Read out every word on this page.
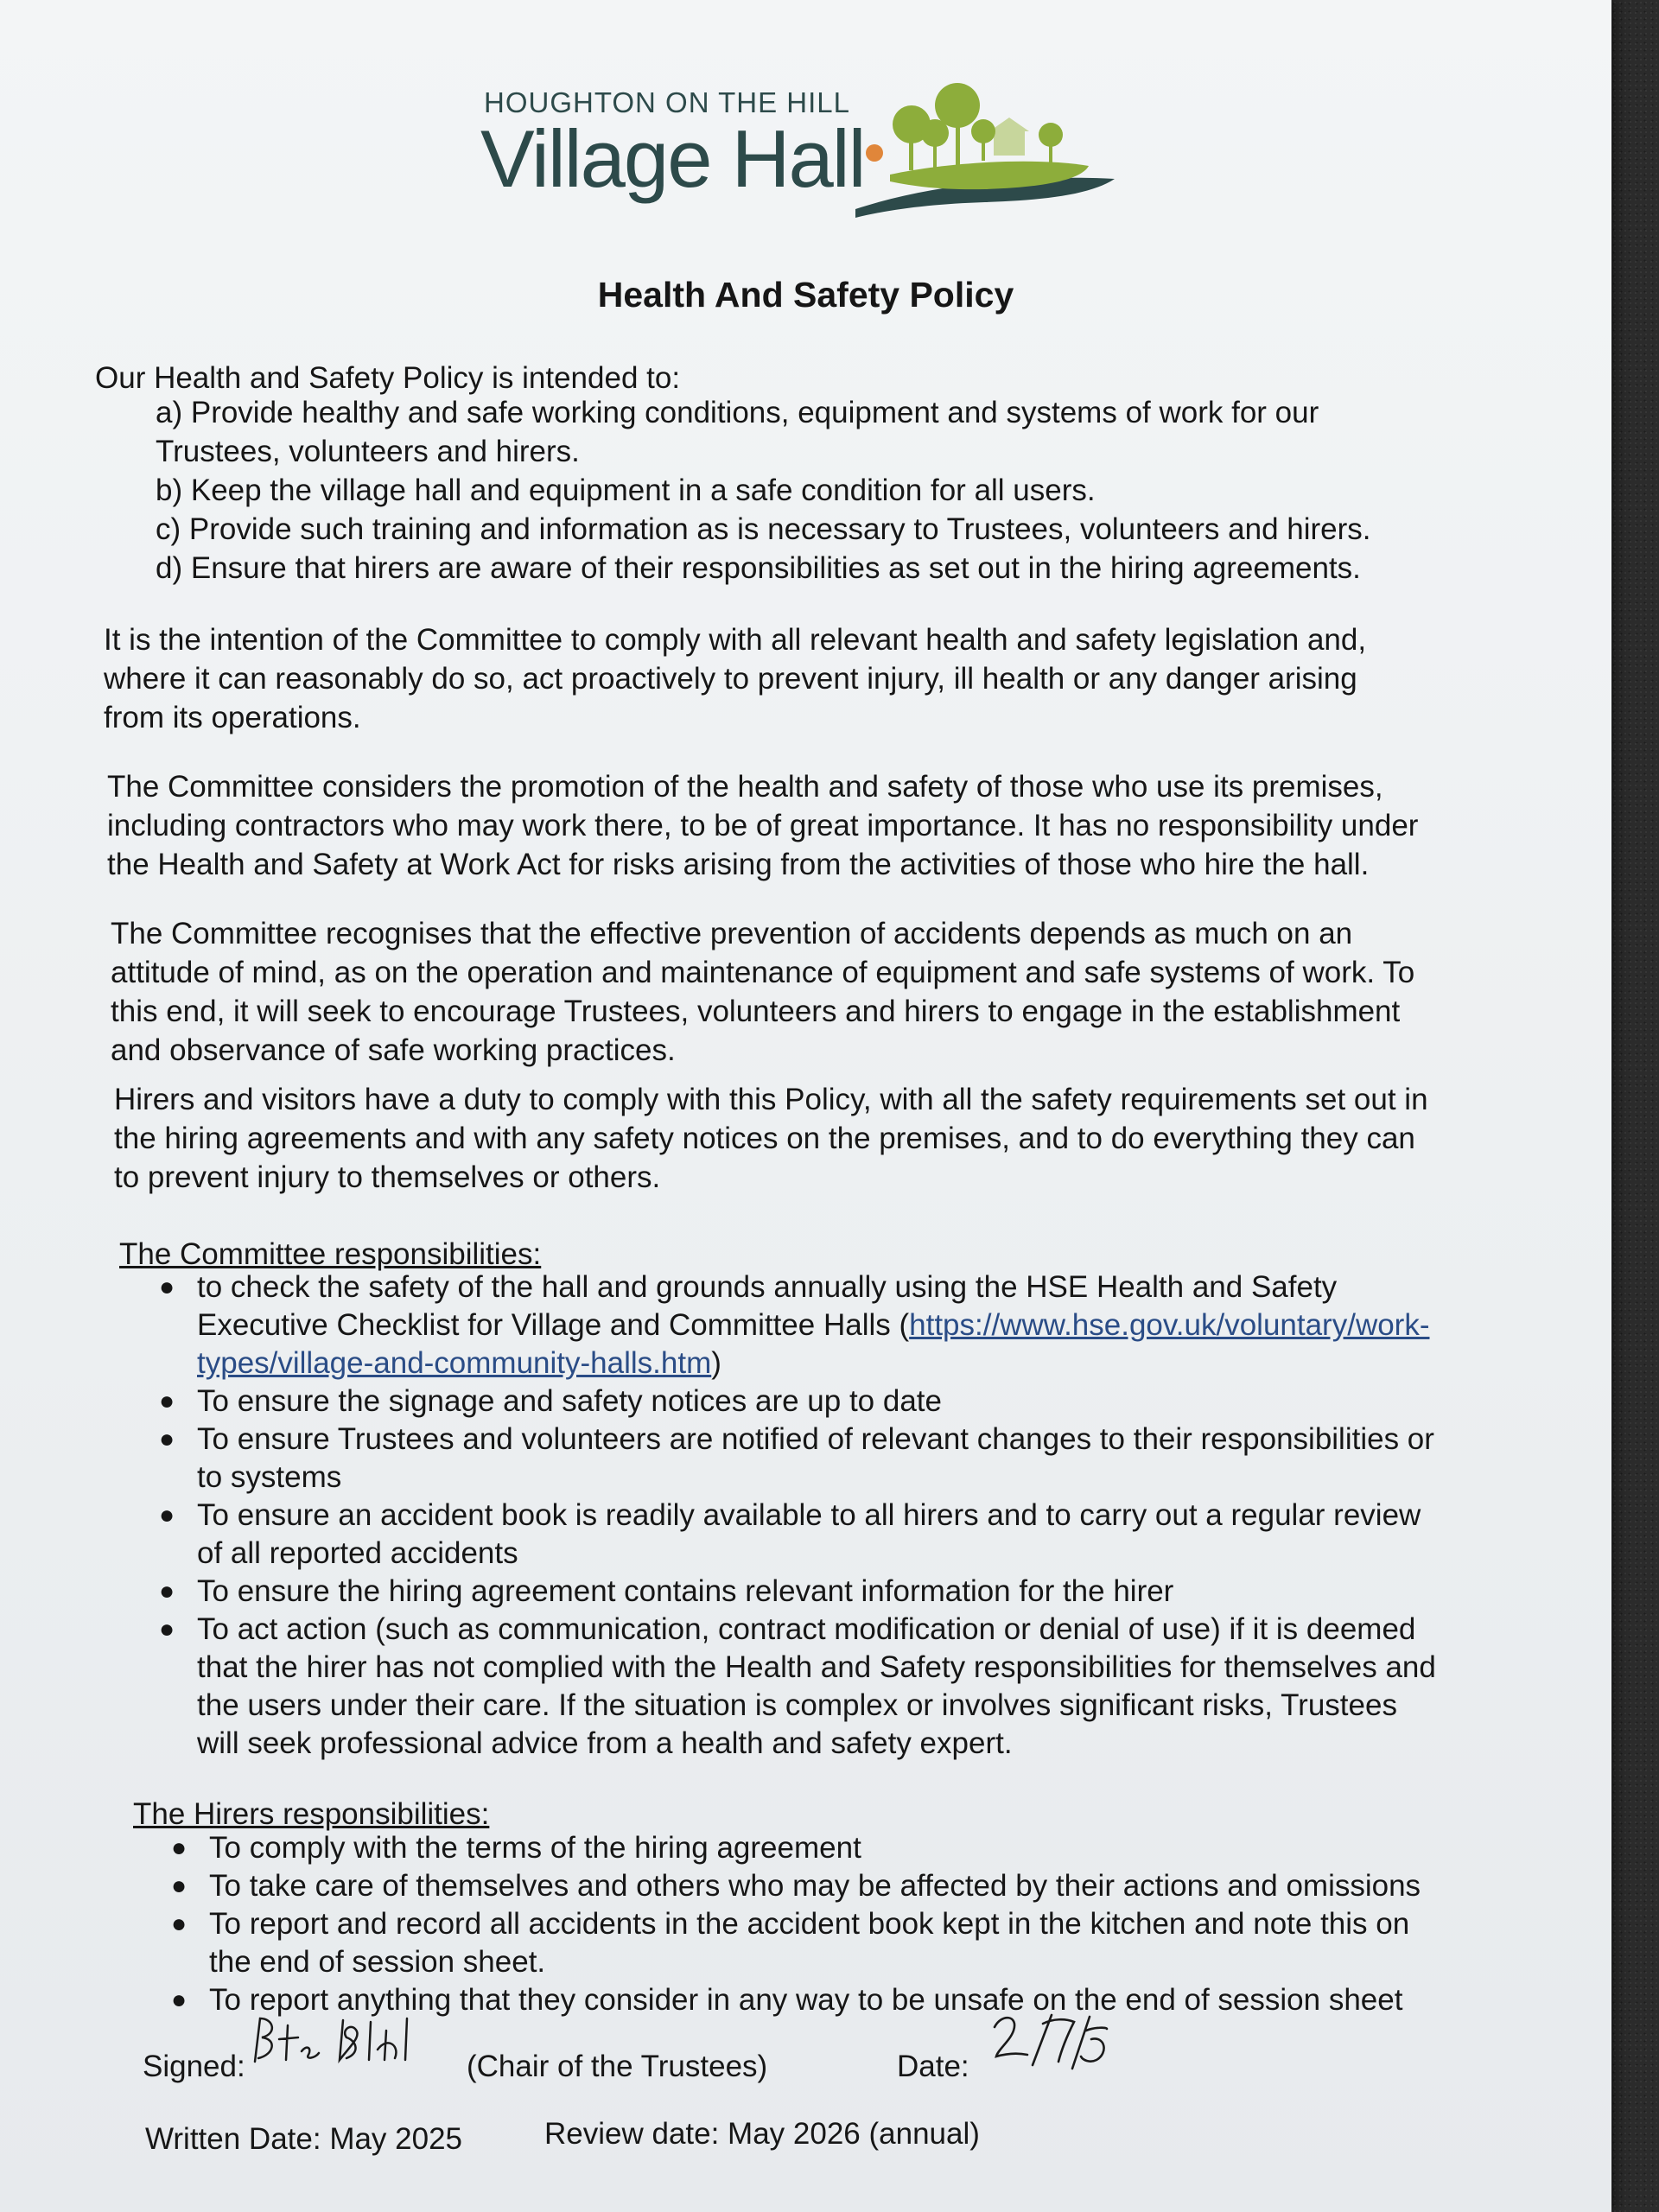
HOUGHTON ON THE HILL
Village Hall
Health And Safety Policy
Our Health and Safety Policy is intended to:
a) Provide healthy and safe working conditions, equipment and systems of work for our
Trustees, volunteers and hirers.
b) Keep the village hall and equipment in a safe condition for all users.
c) Provide such training and information as is necessary to Trustees, volunteers and hirers.
d) Ensure that hirers are aware of their responsibilities as set out in the hiring agreements.
It is the intention of the Committee to comply with all relevant health and safety legislation and,
where it can reasonably do so, act proactively to prevent injury, ill health or any danger arising
from its operations.
The Committee considers the promotion of the health and safety of those who use its premises,
including contractors who may work there, to be of great importance. It has no responsibility under
the Health and Safety at Work Act for risks arising from the activities of those who hire the hall.
The Committee recognises that the effective prevention of accidents depends as much on an
attitude of mind, as on the operation and maintenance of equipment and safe systems of work. To
this end, it will seek to encourage Trustees, volunteers and hirers to engage in the establishment
and observance of safe working practices.
Hirers and visitors have a duty to comply with this Policy, with all the safety requirements set out in
the hiring agreements and with any safety notices on the premises, and to do everything they can
to prevent injury to themselves or others.
The Committee responsibilities:
● to check the safety of the hall and grounds annually using the HSE Health and Safety
Executive Checklist for Village and Committee Halls (https://www.hse.gov.uk/voluntary/work-
types/village-and-community-halls.htm)
● To ensure the signage and safety notices are up to date
● To ensure Trustees and volunteers are notified of relevant changes to their responsibilities or
to systems
● To ensure an accident book is readily available to all hirers and to carry out a regular review
of all reported accidents
● To ensure the hiring agreement contains relevant information for the hirer
● To act action (such as communication, contract modification or denial of use) if it is deemed
that the hirer has not complied with the Health and Safety responsibilities for themselves and
the users under their care. If the situation is complex or involves significant risks, Trustees
will seek professional advice from a health and safety expert.
The Hirers responsibilities:
● To comply with the terms of the hiring agreement
● To take care of themselves and others who may be affected by their actions and omissions
● To report and record all accidents in the accident book kept in the kitchen and note this on
the end of session sheet.
● To report anything that they consider in any way to be unsafe on the end of session sheet
Signed:	(Chair of the Trustees)	Date:
Written Date: May 2025	Review date: May 2026 (annual)
